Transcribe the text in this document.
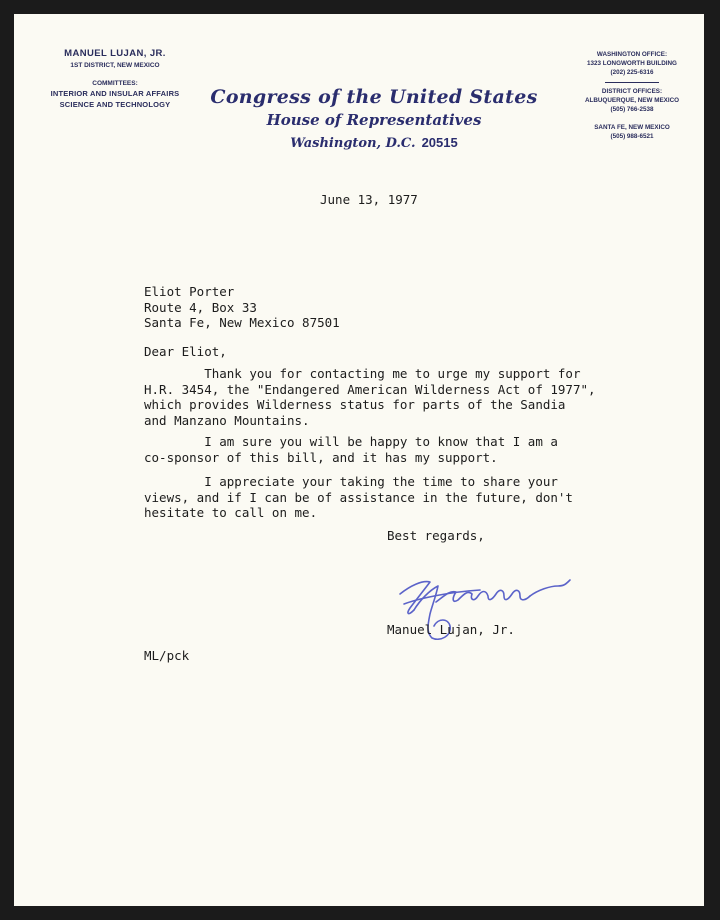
MANUEL LUJAN, JR.
1ST DISTRICT, NEW MEXICO
COMMITTEES:
INTERIOR AND INSULAR AFFAIRS
SCIENCE AND TECHNOLOGY	Congress of the United States
House of Representatives
Washington, D.C. 20515
WASHINGTON OFFICE:
1323 LONGWORTH BUILDING
(202) 225-6316
DISTRICT OFFICES:
ALBUQUERQUE, NEW MEXICO
(505) 766-2538
SANTA FE, NEW MEXICO
(505) 988-6521
June 13, 1977
Eliot Porter
Route 4, Box 33
Santa Fe, New Mexico 87501
Dear Eliot,
Thank you for contacting me to urge my support for
H.R. 3454, the "Endangered American Wilderness Act of 1977",
which provides Wilderness status for parts of the Sandia
and Manzano Mountains.
I am sure you will be happy to know that I am a
co-sponsor of this bill, and it has my support.
I appreciate your taking the time to share your
views, and if I can be of assistance in the future, don't
hesitate to call on me.
Best regards,
Manuel Lujan, Jr.
ML/pck
